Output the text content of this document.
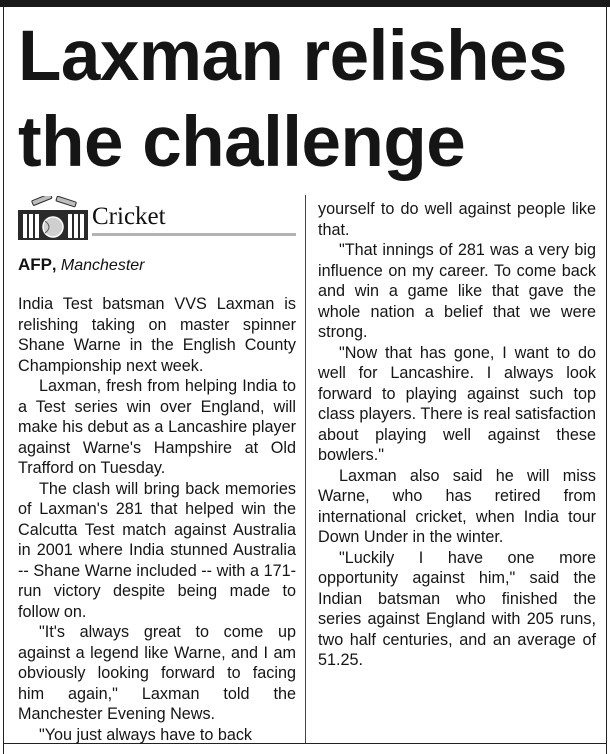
Laxman relishes the challenge
Cricket
AFP, Manchester

India Test batsman VVS Laxman is relishing taking on master spinner Shane Warne in the English County Championship next week.

Laxman, fresh from helping India to a Test series win over England, will make his debut as a Lancashire player against Warne's Hampshire at Old Trafford on Tuesday.

The clash will bring back memories of Laxman's 281 that helped win the Calcutta Test match against Australia in 2001 where India stunned Australia -- Shane Warne included -- with a 171-run victory despite being made to follow on.

"It's always great to come up against a legend like Warne, and I am obviously looking forward to facing him again," Laxman told the Manchester Evening News.

"You just always have to back

yourself to do well against people like that.

"That innings of 281 was a very big influence on my career. To come back and win a game like that gave the whole nation a belief that we were strong.

"Now that has gone, I want to do well for Lancashire. I always look forward to playing against such top class players. There is real satisfaction about playing well against these bowlers."

Laxman also said he will miss Warne, who has retired from international cricket, when India tour Down Under in the winter.

"Luckily I have one more opportunity against him," said the Indian batsman who finished the series against England with 205 runs, two half centuries, and an average of 51.25.
